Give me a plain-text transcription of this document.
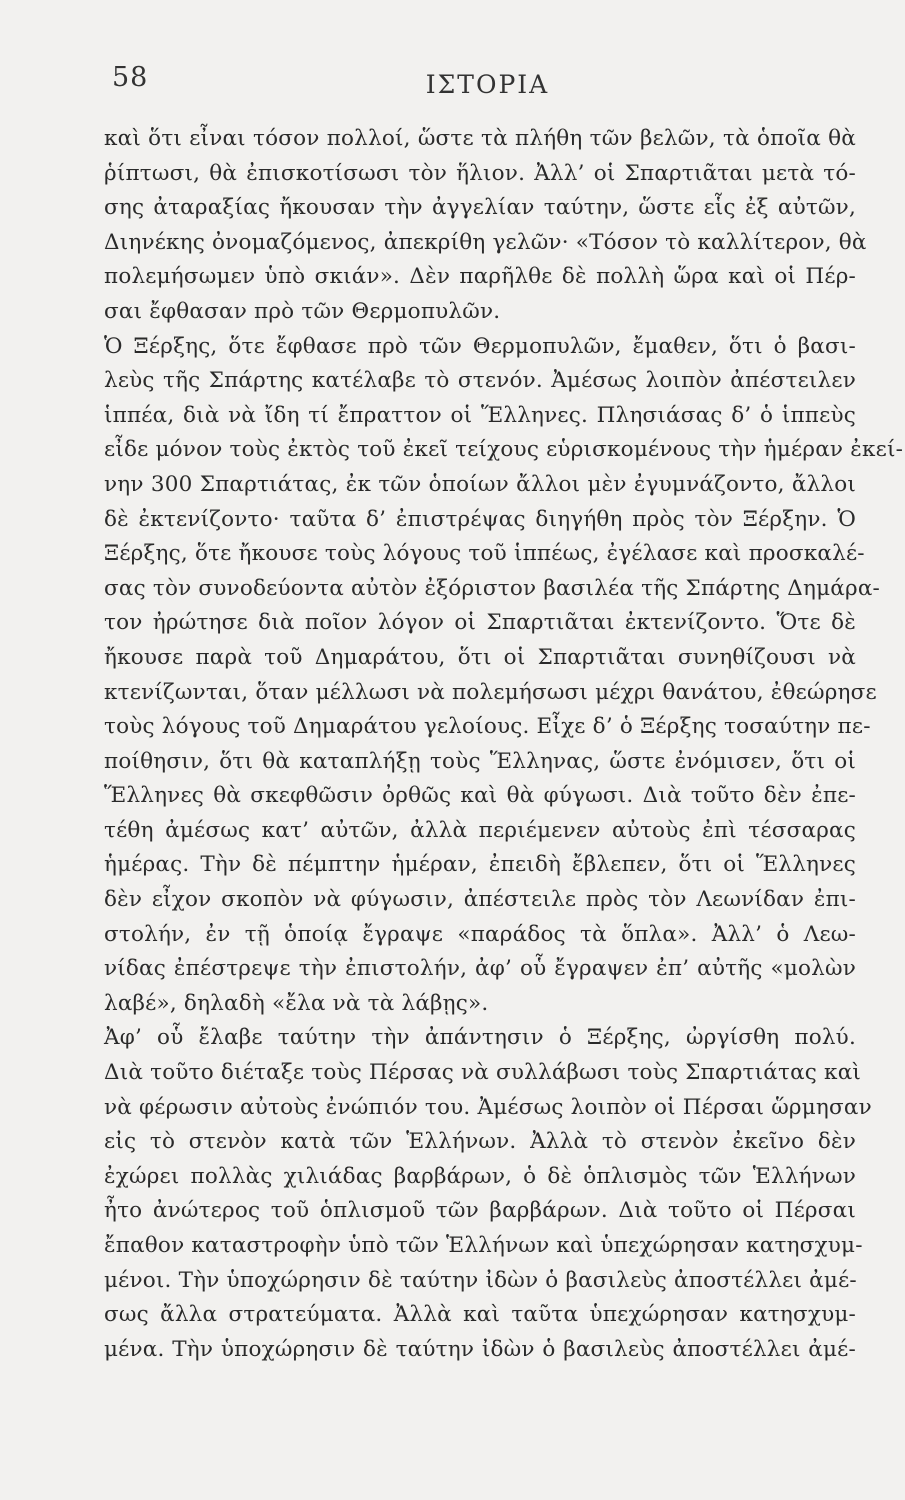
58	ΙΣΤΟΡΙΑ
καὶ ὅτι εἶναι τόσον πολλοί, ὥστε τὰ πλήθη τῶν βελῶν, τὰ ὁποῖα θὰ
ῥίπτωσι, θὰ ἐπισκοτίσωσι τὸν ἥλιον. Ἀλλ’ οἱ Σπαρτιᾶται μετὰ τό-
σης ἀταραξίας ἤκουσαν τὴν ἀγγελίαν ταύτην, ὥστε εἷς ἐξ αὐτῶν,
Διηνέκης ὀνομαζόμενος, ἀπεκρίθη γελῶν· «Τόσον τὸ καλλίτερον, θὰ
πολεμήσωμεν ὑπὸ σκιάν». Δὲν παρῆλθε δὲ πολλὴ ὥρα καὶ οἱ Πέρ-
σαι ἔφθασαν πρὸ τῶν Θερμοπυλῶν.
Ὁ Ξέρξης, ὅτε ἔφθασε πρὸ τῶν Θερμοπυλῶν, ἔμαθεν, ὅτι ὁ βασι-
λεὺς τῆς Σπάρτης κατέλαβε τὸ στενόν. Ἀμέσως λοιπὸν ἀπέστειλεν
ἱππέα, διὰ νὰ ἴδη τί ἔπραττον οἱ Ἕλληνες. Πλησιάσας δ’ ὁ ἱππεὺς
εἶδε μόνον τοὺς ἐκτὸς τοῦ ἐκεῖ τείχους εὑρισκομένους τὴν ἡμέραν ἐκεί-
νην 300 Σπαρτιάτας, ἐκ τῶν ὁποίων ἄλλοι μὲν ἐγυμνάζοντο, ἄλλοι
δὲ ἐκτενίζοντο· ταῦτα δ’ ἐπιστρέψας διηγήθη πρὸς τὸν Ξέρξην. Ὁ
Ξέρξης, ὅτε ἤκουσε τοὺς λόγους τοῦ ἱππέως, ἐγέλασε καὶ προσκαλέ-
σας τὸν συνοδεύοντα αὐτὸν ἐξόριστον βασιλέα τῆς Σπάρτης Δημάρα-
τον ἠρώτησε διὰ ποῖον λόγον οἱ Σπαρτιᾶται ἐκτενίζοντο. Ὅτε δὲ
ἤκουσε παρὰ τοῦ Δημαράτου, ὅτι οἱ Σπαρτιᾶται συνηθίζουσι νὰ
κτενίζωνται, ὅταν μέλλωσι νὰ πολεμήσωσι μέχρι θανάτου, ἐθεώρησε
τοὺς λόγους τοῦ Δημαράτου γελοίους. Εἶχε δ’ ὁ Ξέρξης τοσαύτην πε-
ποίθησιν, ὅτι θὰ καταπλήξῃ τοὺς Ἕλληνας, ὥστε ἐνόμισεν, ὅτι οἱ
Ἕλληνες θὰ σκεφθῶσιν ὀρθῶς καὶ θὰ φύγωσι. Διὰ τοῦτο δὲν ἐπε-
τέθη ἀμέσως κατ’ αὐτῶν, ἀλλὰ περιέμενεν αὐτοὺς ἐπὶ τέσσαρας
ἡμέρας. Τὴν δὲ πέμπτην ἡμέραν, ἐπειδὴ ἔβλεπεν, ὅτι οἱ Ἕλληνες
δὲν εἶχον σκοπὸν νὰ φύγωσιν, ἀπέστειλε πρὸς τὸν Λεωνίδαν ἐπι-
στολήν, ἐν τῇ ὁποίᾳ ἔγραψε «παράδος τὰ ὅπλα». Ἀλλ’ ὁ Λεω-
νίδας ἐπέστρεψε τὴν ἐπιστολήν, ἀφ’ οὗ ἔγραψεν ἐπ’ αὐτῆς «μολὼν
λαβέ», δηλαδὴ «ἔλα νὰ τὰ λάβῃς».
Ἀφ’ οὗ ἔλαβε ταύτην τὴν ἀπάντησιν ὁ Ξέρξης, ὠργίσθη πολύ.
Διὰ τοῦτο διέταξε τοὺς Πέρσας νὰ συλλάβωσι τοὺς Σπαρτιάτας καὶ
νὰ φέρωσιν αὐτοὺς ἐνώπιόν του. Ἀμέσως λοιπὸν οἱ Πέρσαι ὥρμησαν
εἰς τὸ στενὸν κατὰ τῶν Ἑλλήνων. Ἀλλὰ τὸ στενὸν ἐκεῖνο δὲν
ἐχώρει πολλὰς χιλιάδας βαρβάρων, ὁ δὲ ὁπλισμὸς τῶν Ἑλλήνων
ἦτο ἀνώτερος τοῦ ὁπλισμοῦ τῶν βαρβάρων. Διὰ τοῦτο οἱ Πέρσαι
ἔπαθον καταστροφὴν ὑπὸ τῶν Ἑλλήνων καὶ ὑπεχώρησαν κατησχυμ-
μένοι. Τὴν ὑποχώρησιν δὲ ταύτην ἰδὼν ὁ βασιλεὺς ἀποστέλλει ἀμέ-
σως ἄλλα στρατεύματα. Ἀλλὰ καὶ ταῦτα ὑπεχώρησαν κατησχυμ-
μένα. Τὴν ὑποχώρησιν δὲ ταύτην ἰδὼν ὁ βασιλεὺς ἀποστέλλει ἀμέ-
